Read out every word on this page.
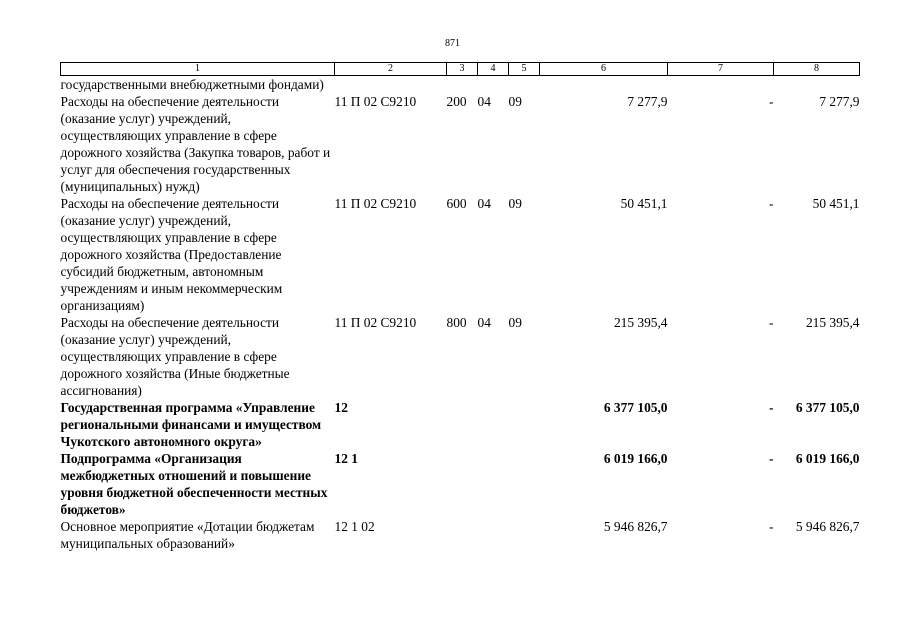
871
1	2	3	4	5	6	7	8
государственными внебюджетными фондами)							
Расходы на обеспечение деятельности (оказание услуг) учреждений, осуществляющих управление в сфере дорожного хозяйства (Закупка товаров, работ и услуг для обеспечения государственных (муниципальных) нужд)	11 П 02 С9210	200	04	09	7 277,9	-	7 277,9
Расходы на обеспечение деятельности (оказание услуг) учреждений, осуществляющих управление в сфере дорожного хозяйства (Предоставление субсидий бюджетным, автономным учреждениям и иным некоммерческим организациям)	11 П 02 С9210	600	04	09	50 451,1	-	50 451,1
Расходы на обеспечение деятельности (оказание услуг) учреждений, осуществляющих управление в сфере дорожного хозяйства (Иные бюджетные ассигнования)	11 П 02 С9210	800	04	09	215 395,4	-	215 395,4
Государственная программа «Управление региональными финансами и имуществом Чукотского автономного округа»	12				6 377 105,0	-	6 377 105,0
Подпрограмма «Организация межбюджетных отношений и повышение уровня бюджетной обеспеченности местных бюджетов»	12 1				6 019 166,0	-	6 019 166,0
Основное мероприятие «Дотации бюджетам муниципальных образований»	12 1 02				5 946 826,7	-	5 946 826,7
